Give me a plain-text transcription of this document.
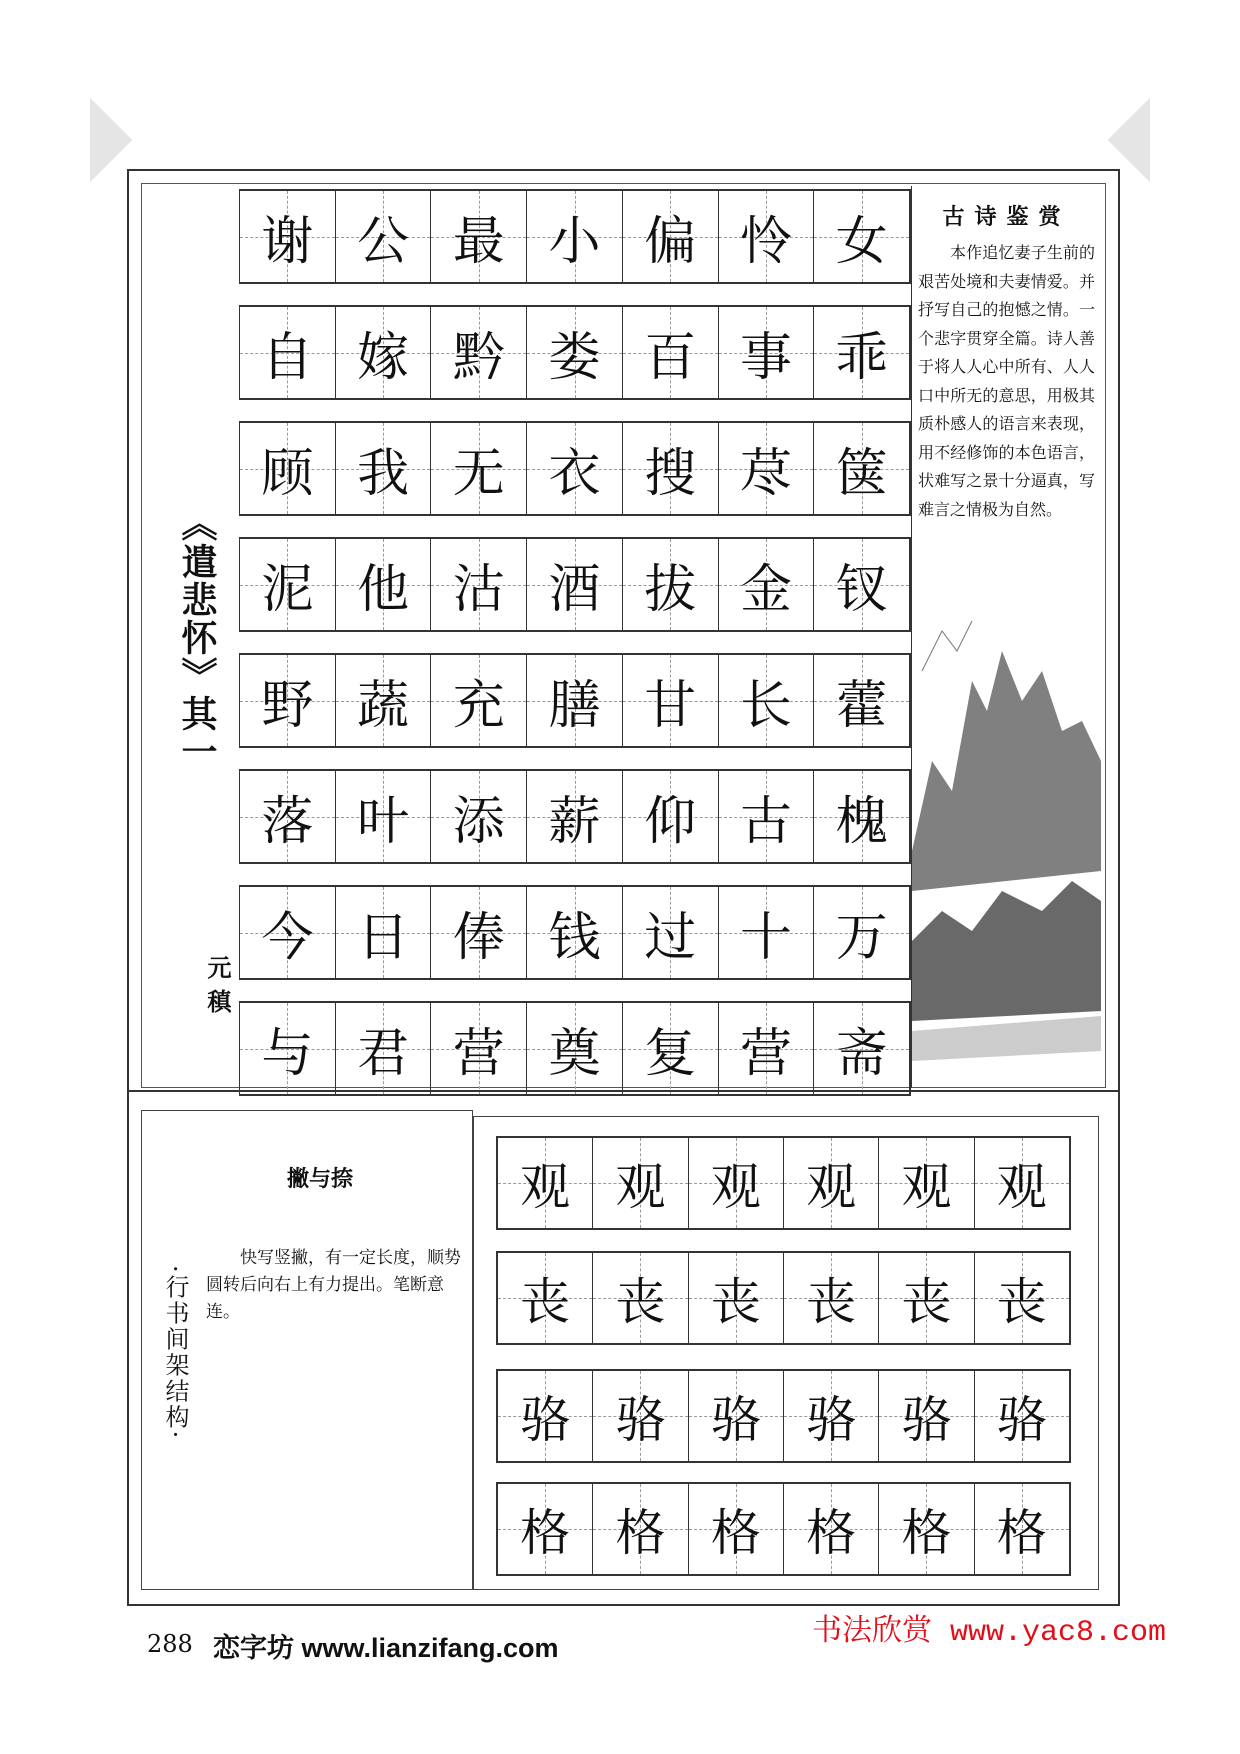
《遣悲怀》其一
元稹
谢 公 最 小 偏 怜 女
自 嫁 黔 娄 百 事 乖
顾 我 无 衣 搜 荩 箧
泥 他 沽 酒 拔 金 钗
野 蔬 充 膳 甘 长 藿
落 叶 添 薪 仰 古 槐
今 日 俸 钱 过 十 万
与 君 营 奠 复 营 斋
古诗鉴赏

本作追忆妻子生前的艰苦处境和夫妻情爱。并抒写自己的抱憾之情。一个悲字贯穿全篇。诗人善于将人人心中所有、人人口中所无的意思，用极其质朴感人的语言来表现，用不经修饰的本色语言，状难写之景十分逼真，写难言之情极为自然。

·行书间架结构·
撇与捺
快写竖撇，有一定长度，顺势圆转后向右上有力提出。笔断意连。
观 观 观 观 观 观
丧 丧 丧 丧 丧 丧
骆 骆 骆 骆 骆 骆
格 格 格 格 格 格
288 恋字坊 www.lianzifang.com	书法欣赏 www.yac8.com
